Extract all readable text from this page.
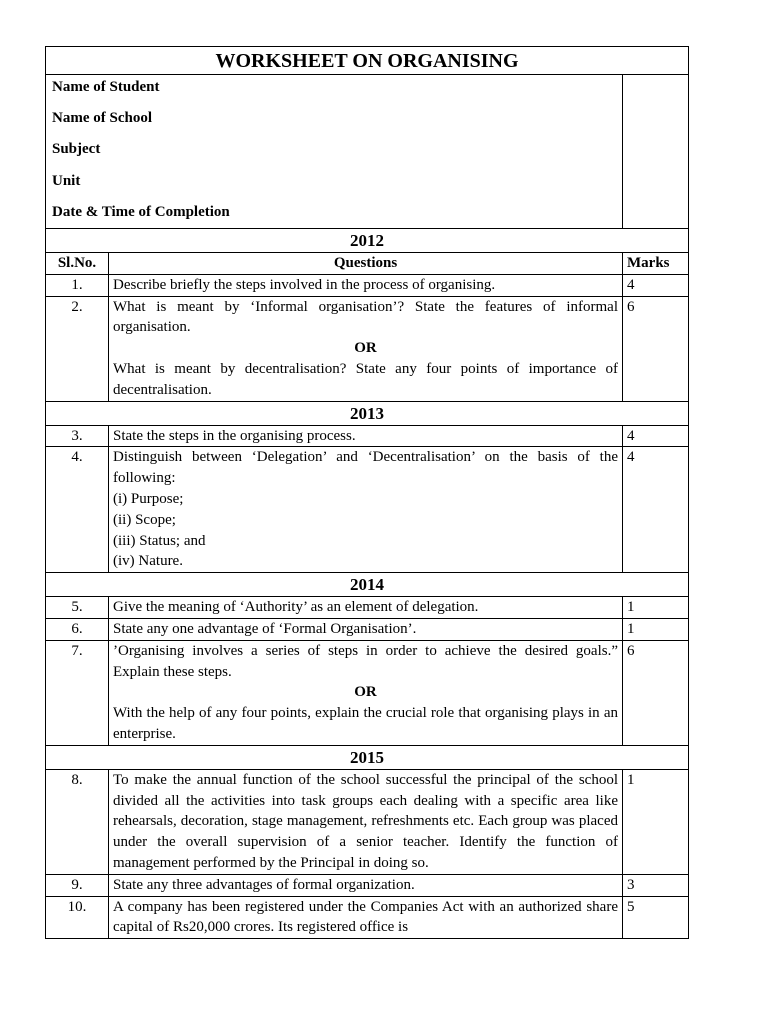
WORKSHEET ON ORGANISING		

Name of Student
Name of School
Subject
Unit
Date & Time of Completion		

2012		
Sl.No.	Questions	Marks
1.	Describe briefly the steps involved in the process of organising.	4
2.	What is meant by ‘Informal organisation’? State the features of informal organisation.
OR
What is meant by decentralisation? State any four points of importance of decentralisation.	6
2013		
3.	State the steps in the organising process.	4
4.	Distinguish between ‘Delegation’ and ‘Decentralisation’ on the basis of the following:
(i) Purpose;
(ii) Scope;
(iii) Status; and
(iv) Nature.	4
2014		
5.	Give the meaning of ‘Authority’ as an element of delegation.	1
6.	State any one advantage of ‘Formal Organisation’.	1
7.	’Organising involves a series of steps in order to achieve the desired goals.” Explain these steps.
OR
With the help of any four points, explain the crucial role that organising plays in an enterprise.	6
2015		
8.	To make the annual function of the school successful the principal of the school divided all the activities into task groups each dealing with a specific area like rehearsals, decoration, stage management, refreshments etc. Each group was placed under the overall supervision of a senior teacher. Identify the function of management performed by the Principal in doing so.	1
9.	State any three advantages of formal organization.	3
10.	A company has been registered under the Companies Act with an authorized share capital of Rs20,000 crores. Its registered office is	5
